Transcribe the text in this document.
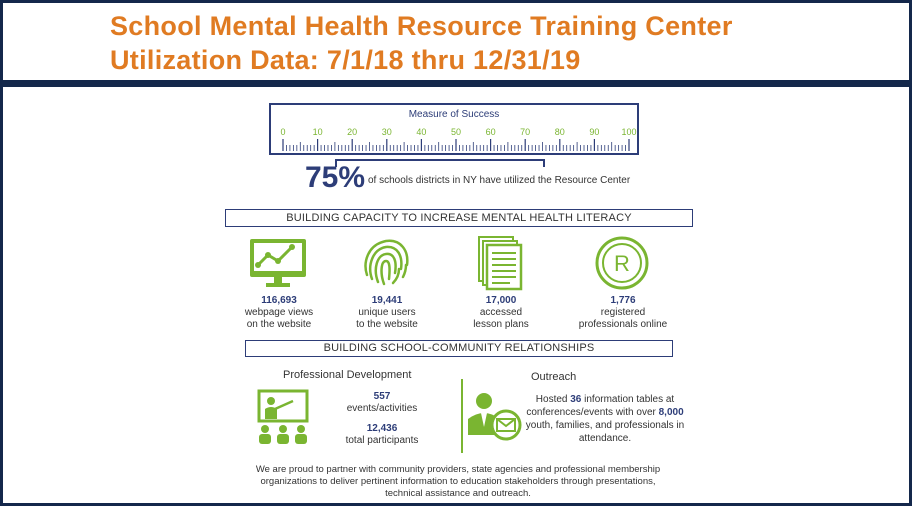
School Mental Health Resource Training Center
Utilization Data: 7/1/18 thru 12/31/19
Measure of Success
0	10	20	30	40	50	60	70	80	90 100
75% of schools districts in NY have utilized the Resource Center
BUILDING CAPACITY TO INCREASE MENTAL HEALTH LITERACY
R
116,693
webpage views
on the website
19,441
unique users
to the website
17,000
accessed
lesson plans
1,776
registered
professionals online
BUILDING SCHOOL-COMMUNITY RELATIONSHIPS
Professional Development
557
events/activities
12,436
total participants
Outreach
Hosted 36 information tables at conferences/events with over 8,000 youth, families, and professionals in attendance.
We are proud to partner with community providers, state agencies and professional membership organizations to deliver pertinent information to education stakeholders through presentations, technical assistance and outreach.
